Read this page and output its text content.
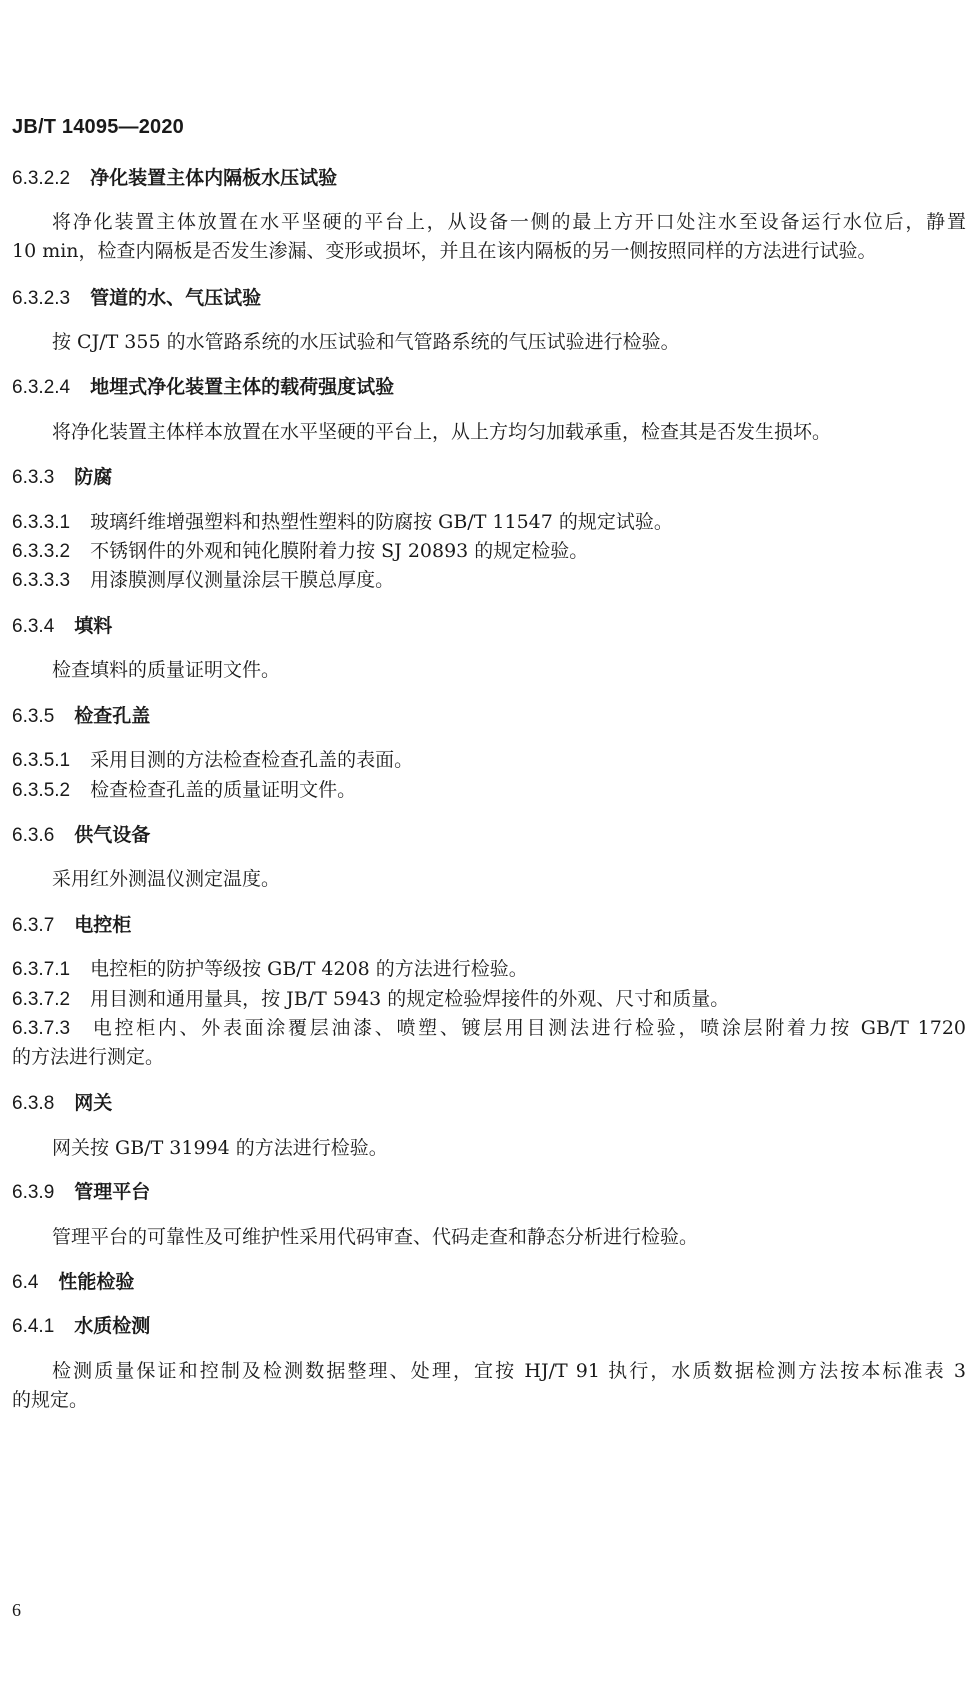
JB/T 14095—2020
6.3.2.2 净化装置主体内隔板水压试验
将净化装置主体放置在水平坚硬的平台上，从设备一侧的最上方开口处注水至设备运行水位后，静置
10 min，检查内隔板是否发生渗漏、变形或损坏，并且在该内隔板的另一侧按照同样的方法进行试验。
6.3.2.3 管道的水、气压试验
按 CJ/T 355 的水管路系统的水压试验和气管路系统的气压试验进行检验。
6.3.2.4 地埋式净化装置主体的载荷强度试验
将净化装置主体样本放置在水平坚硬的平台上，从上方均匀加载承重，检查其是否发生损坏。
6.3.3 防腐
6.3.3.1 玻璃纤维增强塑料和热塑性塑料的防腐按 GB/T 11547 的规定试验。
6.3.3.2 不锈钢件的外观和钝化膜附着力按 SJ 20893 的规定检验。
6.3.3.3 用漆膜测厚仪测量涂层干膜总厚度。
6.3.4 填料
检查填料的质量证明文件。
6.3.5 检查孔盖
6.3.5.1 采用目测的方法检查检查孔盖的表面。
6.3.5.2 检查检查孔盖的质量证明文件。
6.3.6 供气设备
采用红外测温仪测定温度。
6.3.7 电控柜
6.3.7.1 电控柜的防护等级按 GB/T 4208 的方法进行检验。
6.3.7.2 用目测和通用量具，按 JB/T 5943 的规定检验焊接件的外观、尺寸和质量。
6.3.7.3 电控柜内、外表面涂覆层油漆、喷塑、镀层用目测法进行检验，喷涂层附着力按 GB/T 1720
的方法进行测定。
6.3.8 网关
网关按 GB/T 31994 的方法进行检验。
6.3.9 管理平台
管理平台的可靠性及可维护性采用代码审查、代码走查和静态分析进行检验。
6.4 性能检验
6.4.1 水质检测
检测质量保证和控制及检测数据整理、处理，宜按 HJ/T 91 执行，水质数据检测方法按本标准表 3
的规定。
6
